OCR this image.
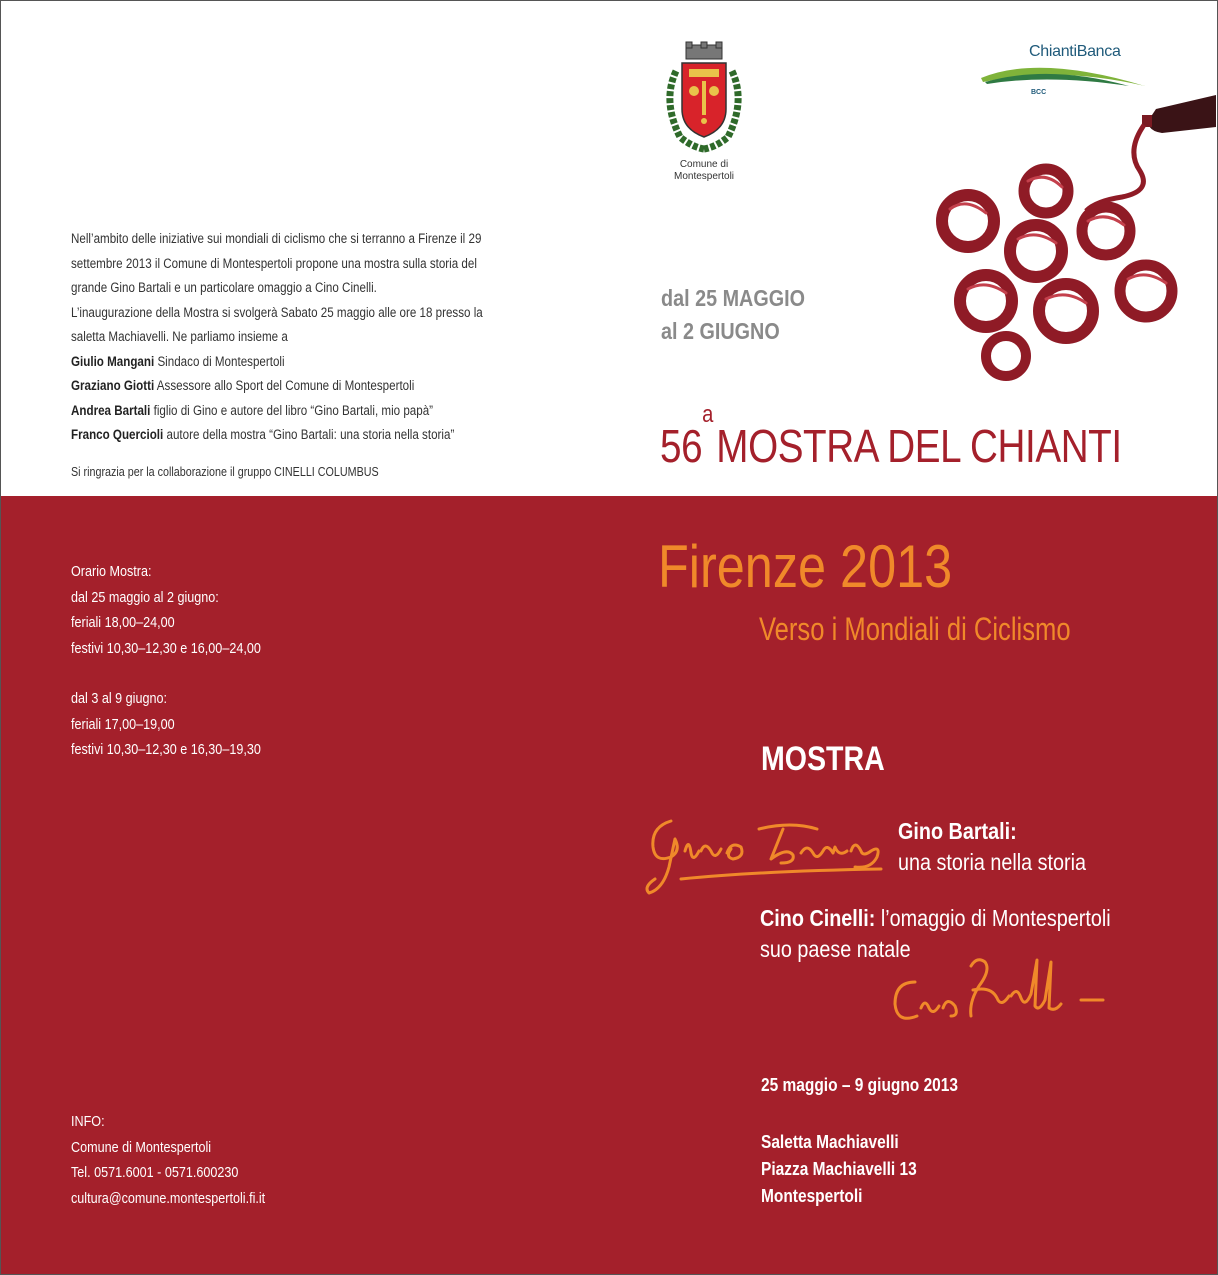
Nell’ambito delle iniziative sui mondiali di ciclismo che si terranno a Firenze il 29 settembre 2013 il Comune di Montespertoli propone una mostra sulla storia del grande Gino Bartali e un particolare omaggio a Cino Cinelli.

L’inaugurazione della Mostra si svolgerà Sabato 25 maggio alle ore 18 presso la saletta Machiavelli. Ne parliamo insieme a

Giulio Mangani Sindaco di Montespertoli

Graziano Giotti Assessore allo Sport del Comune di Montespertoli

Andrea Bartali figlio di Gino e autore del libro “Gino Bartali, mio papà”

Franco Quercioli autore della mostra “Gino Bartali: una storia nella storia”

Si ringrazia per la collaborazione il gruppo CINELLI COLUMBUS
Comune di
Montespertoli
ChiantiBanca
BCC
dal 25 MAGGIO
al 2 GIUGNO
56$^a$MOSTRA DEL CHIANTI
Orario Mostra:
dal 25 maggio al 2 giugno:
feriali 18,00–24,00
festivi 10,30–12,30 e 16,00–24,00
dal 3 al 9 giugno:
feriali 17,00–19,00
festivi 10,30–12,30 e 16,30–19,30
INFO:
Comune di Montespertoli
Tel. 0571.6001 - 0571.600230
cultura@comune.montespertoli.fi.it
Firenze 2013
Verso i Mondiali di Ciclismo
MOSTRA
Gino Bartali:
una storia nella storia
Cino Cinelli: l’omaggio di Montespertoli
suo paese natale
25 maggio – 9 giugno 2013
Saletta Machiavelli
Piazza Machiavelli 13
Montespertoli
